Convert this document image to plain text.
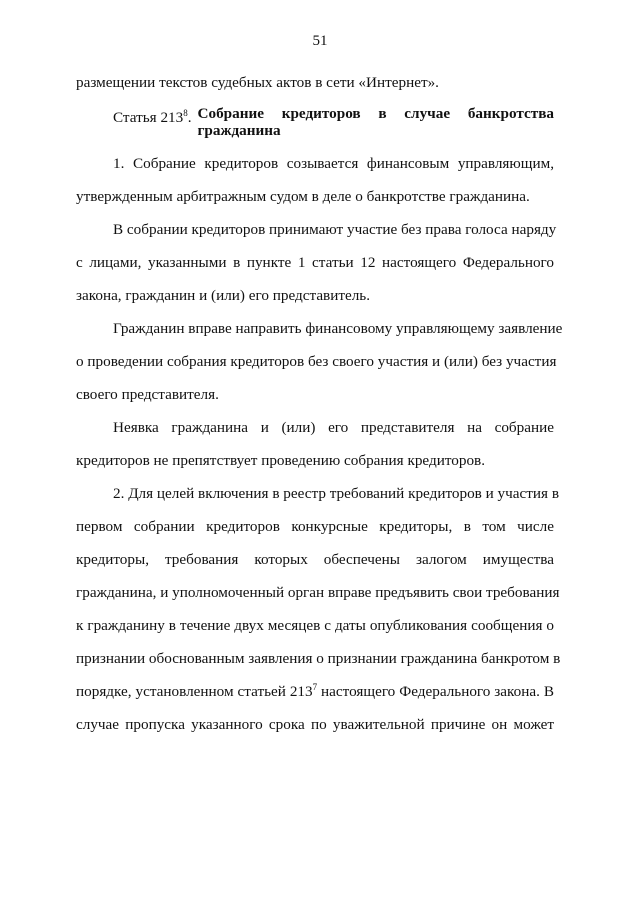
51

размещении текстов судебных актов в сети «Интернет».

Статья $213^8$. Собрание кредиторов в случае банкротства
гражданина

1. Собрание кредиторов созывается финансовым управляющим,
утвержденным арбитражным судом в деле о банкротстве гражданина.

В собрании кредиторов принимают участие без права голоса наряду
с лицами, указанными в пункте 1 статьи 12 настоящего Федерального
закона, гражданин и (или) его представитель.

Гражданин вправе направить финансовому управляющему заявление
о проведении собрания кредиторов без своего участия и (или) без участия
своего представителя.

Неявка гражданина и (или) его представителя на собрание
кредиторов не препятствует проведению собрания кредиторов.

2. Для целей включения в реестр требований кредиторов и участия в
первом собрании кредиторов конкурсные кредиторы, в том числе
кредиторы, требования которых обеспечены залогом имущества
гражданина, и уполномоченный орган вправе предъявить свои требования
к гражданину в течение двух месяцев с даты опубликования сообщения о
признании обоснованным заявления о признании гражданина банкротом в
порядке, установленном статьей $213^7$ настоящего Федерального закона. В
случае пропуска указанного срока по уважительной причине он может
